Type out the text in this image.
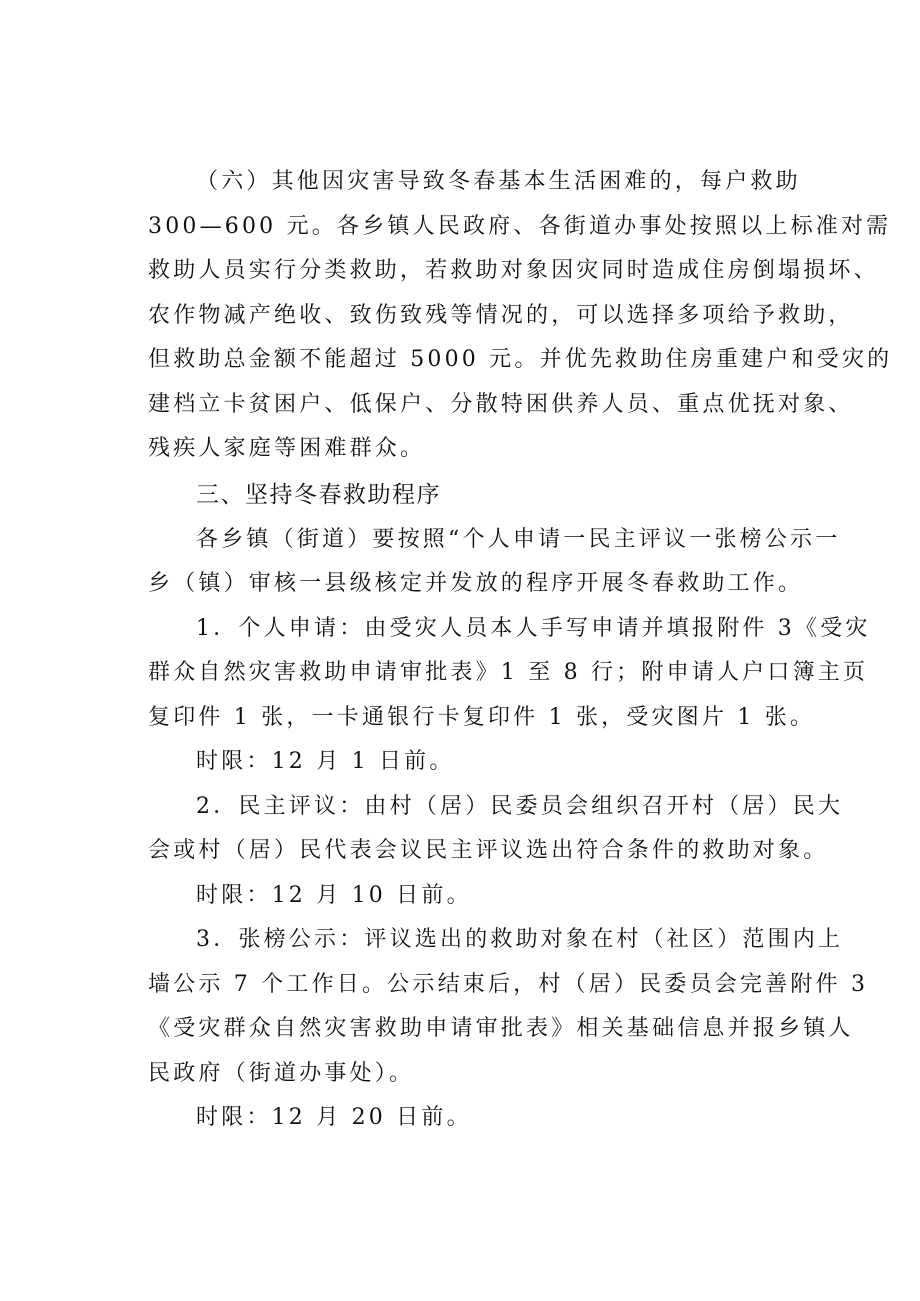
（六）其他因灾害导致冬春基本生活困难的，每户救助
300—600 元。各乡镇人民政府、各街道办事处按照以上标准对需
救助人员实行分类救助，若救助对象因灾同时造成住房倒塌损坏、
农作物减产绝收、致伤致残等情况的，可以选择多项给予救助，
但救助总金额不能超过 5000 元。并优先救助住房重建户和受灾的
建档立卡贫困户、低保户、分散特困供养人员、重点优抚对象、
残疾人家庭等困难群众。

三、坚持冬春救助程序

各乡镇（街道）要按照“个人申请一民主评议一张榜公示一
乡（镇）审核一县级核定并发放的程序开展冬春救助工作。

1．个人申请：由受灾人员本人手写申请并填报附件 3《受灾
群众自然灾害救助申请审批表》1 至 8 行；附申请人户口簿主页
复印件 1 张，一卡通银行卡复印件 1 张，受灾图片 1 张。

时限：12 月 1 日前。

2．民主评议：由村（居）民委员会组织召开村（居）民大
会或村（居）民代表会议民主评议选出符合条件的救助对象。

时限：12 月 10 日前。

3．张榜公示：评议选出的救助对象在村（社区）范围内上
墙公示 7 个工作日。公示结束后，村（居）民委员会完善附件 3
《受灾群众自然灾害救助申请审批表》相关基础信息并报乡镇人
民政府（街道办事处）。

时限：12 月 20 日前。
